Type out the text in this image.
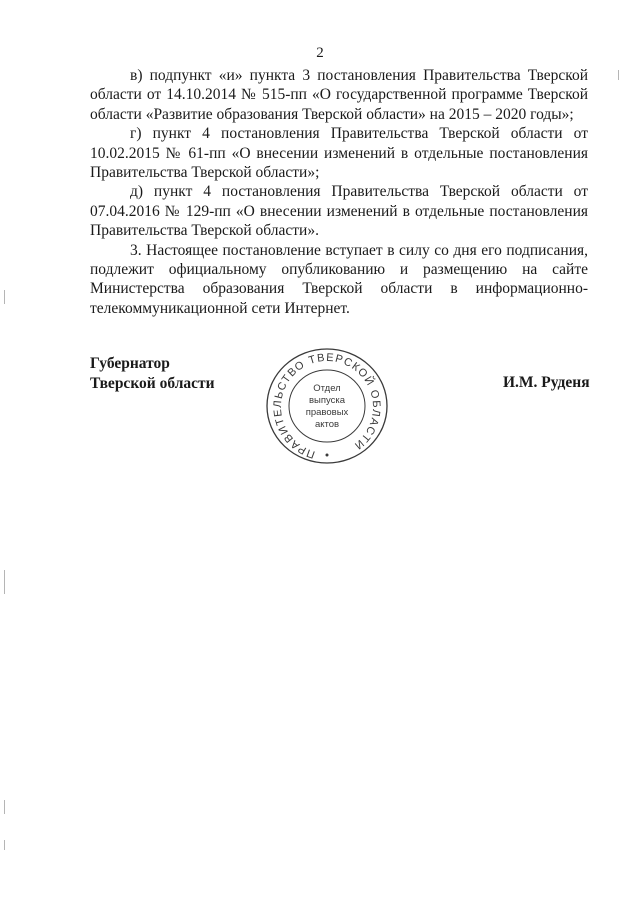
2

в) подпункт «и» пункта 3 постановления Правительства Тверской области от 14.10.2014 № 515-пп «О государственной программе Тверской области «Развитие образования Тверской области» на 2015 – 2020 годы»;

г) пункт 4 постановления Правительства Тверской области от 10.02.2015 № 61-пп «О внесении изменений в отдельные постановления Правительства Тверской области»;

д) пункт 4 постановления Правительства Тверской области от 07.04.2016 № 129-пп «О внесении изменений в отдельные постановления Правительства Тверской области».

3. Настоящее постановление вступает в силу со дня его подписания, подлежит официальному опубликованию и размещению на сайте Министерства образования Тверской области в информационно-телекоммуникационной сети Интернет.

Губернатор
Тверской области	И.М. Руденя
ПРАВИТЕЛЬСТВО ТВЕРСКОЙ ОБЛАСТИ
Отдел
выпуска
правовых
актов
